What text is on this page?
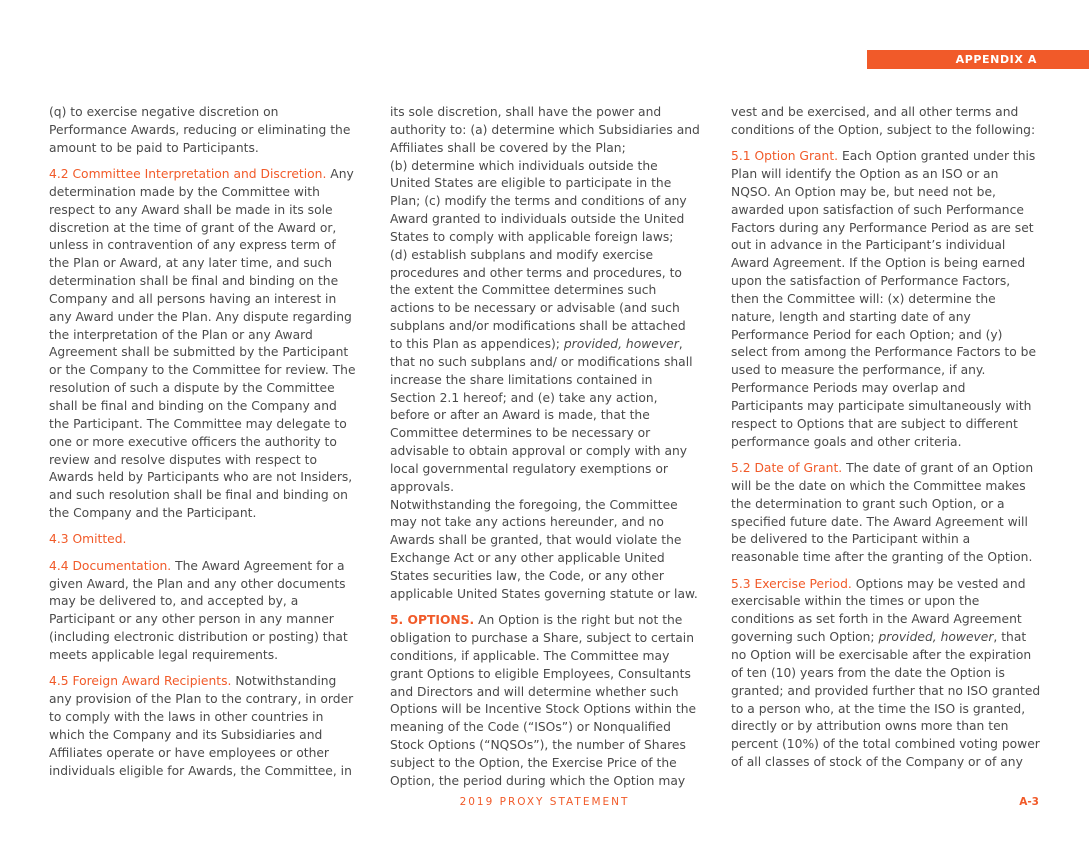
APPENDIX A

(q) to exercise negative discretion on Performance Awards, reducing or eliminating the amount to be paid to Participants.

4.2 Committee Interpretation and Discretion. Any determination made by the Committee with respect to any Award shall be made in its sole discretion at the time of grant of the Award or, unless in contravention of any express term of the Plan or Award, at any later time, and such determination shall be final and binding on the Company and all persons having an interest in any Award under the Plan. Any dispute regarding the interpretation of the Plan or any Award Agreement shall be submitted by the Participant or the Company to the Committee for review. The resolution of such a dispute by the Committee shall be final and binding on the Company and the Participant. The Committee may delegate to one or more executive officers the authority to review and resolve disputes with respect to Awards held by Participants who are not Insiders, and such resolution shall be final and binding on the Company and the Participant.

4.3 Omitted.

4.4 Documentation. The Award Agreement for a given Award, the Plan and any other documents may be delivered to, and accepted by, a Participant or any other person in any manner (including electronic distribution or posting) that meets applicable legal requirements.

4.5 Foreign Award Recipients. Notwithstanding any provision of the Plan to the contrary, in order to comply with the laws in other countries in which the Company and its Subsidiaries and Affiliates operate or have employees or other individuals eligible for Awards, the Committee, in

its sole discretion, shall have the power and authority to: (a) determine which Subsidiaries and Affiliates shall be covered by the Plan;
(b) determine which individuals outside the United States are eligible to participate in the Plan; (c) modify the terms and conditions of any Award granted to individuals outside the United States to comply with applicable foreign laws;
(d) establish subplans and modify exercise procedures and other terms and procedures, to the extent the Committee determines such actions to be necessary or advisable (and such subplans and/or modifications shall be attached to this Plan as appendices); provided, however, that no such subplans and/ or modifications shall increase the share limitations contained in Section 2.1 hereof; and (e) take any action, before or after an Award is made, that the Committee determines to be necessary or advisable to obtain approval or comply with any local governmental regulatory exemptions or approvals.
Notwithstanding the foregoing, the Committee may not take any actions hereunder, and no Awards shall be granted, that would violate the Exchange Act or any other applicable United States securities law, the Code, or any other applicable United States governing statute or law.

5. OPTIONS. An Option is the right but not the obligation to purchase a Share, subject to certain conditions, if applicable. The Committee may grant Options to eligible Employees, Consultants and Directors and will determine whether such Options will be Incentive Stock Options within the meaning of the Code (“ISOs”) or Nonqualified Stock Options (“NQSOs”), the number of Shares subject to the Option, the Exercise Price of the Option, the period during which the Option may

vest and be exercised, and all other terms and conditions of the Option, subject to the following:

5.1 Option Grant. Each Option granted under this Plan will identify the Option as an ISO or an NQSO. An Option may be, but need not be, awarded upon satisfaction of such Performance Factors during any Performance Period as are set out in advance in the Participant’s individual Award Agreement. If the Option is being earned upon the satisfaction of Performance Factors, then the Committee will: (x) determine the nature, length and starting date of any Performance Period for each Option; and (y) select from among the Performance Factors to be used to measure the performance, if any. Performance Periods may overlap and Participants may participate simultaneously with respect to Options that are subject to different performance goals and other criteria.

5.2 Date of Grant. The date of grant of an Option will be the date on which the Committee makes the determination to grant such Option, or a specified future date. The Award Agreement will be delivered to the Participant within a reasonable time after the granting of the Option.

5.3 Exercise Period. Options may be vested and exercisable within the times or upon the conditions as set forth in the Award Agreement governing such Option; provided, however, that no Option will be exercisable after the expiration of ten (10) years from the date the Option is granted; and provided further that no ISO granted to a person who, at the time the ISO is granted, directly or by attribution owns more than ten percent (10%) of the total combined voting power of all classes of stock of the Company or of any

2019 PROXY STATEMENT	A-3
